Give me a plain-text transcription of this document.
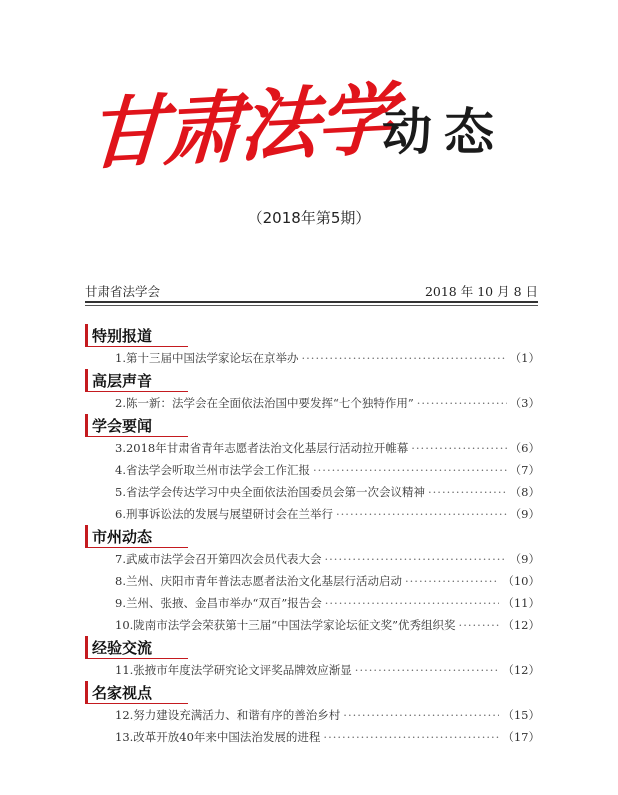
甘肃法学
动态
（2018年第5期）
甘肃省法学会	2018 年 10 月 8 日
特别报道
1.第十三届中国法学家论坛在京举办 ·····	（1）
高层声音
2.陈一新：法学会在全面依法治国中要发挥“七个独特作用” ·····	（3）
学会要闻
3.2018年甘肃省青年志愿者法治文化基层行活动拉开帷幕 ·····	（6）
4.省法学会听取兰州市法学会工作汇报 ·····	（7）
5.省法学会传达学习中央全面依法治国委员会第一次会议精神 ·····	（8）
6.刑事诉讼法的发展与展望研讨会在兰举行 ·····	（9）
市州动态
7.武威市法学会召开第四次会员代表大会 ·····	（9）
8.兰州、庆阳市青年普法志愿者法治文化基层行活动启动 ·····	（10）
9.兰州、张掖、金昌市举办“双百”报告会 ·····	（11）
10.陇南市法学会荣获第十三届“中国法学家论坛征文奖”优秀组织奖 ·····	（12）
经验交流
11.张掖市年度法学研究论文评奖品牌效应渐显 ·····	（12）
名家视点
12.努力建设充满活力、和谐有序的善治乡村 ·····	（15）
13.改革开放40年来中国法治发展的进程 ·····	（17）
